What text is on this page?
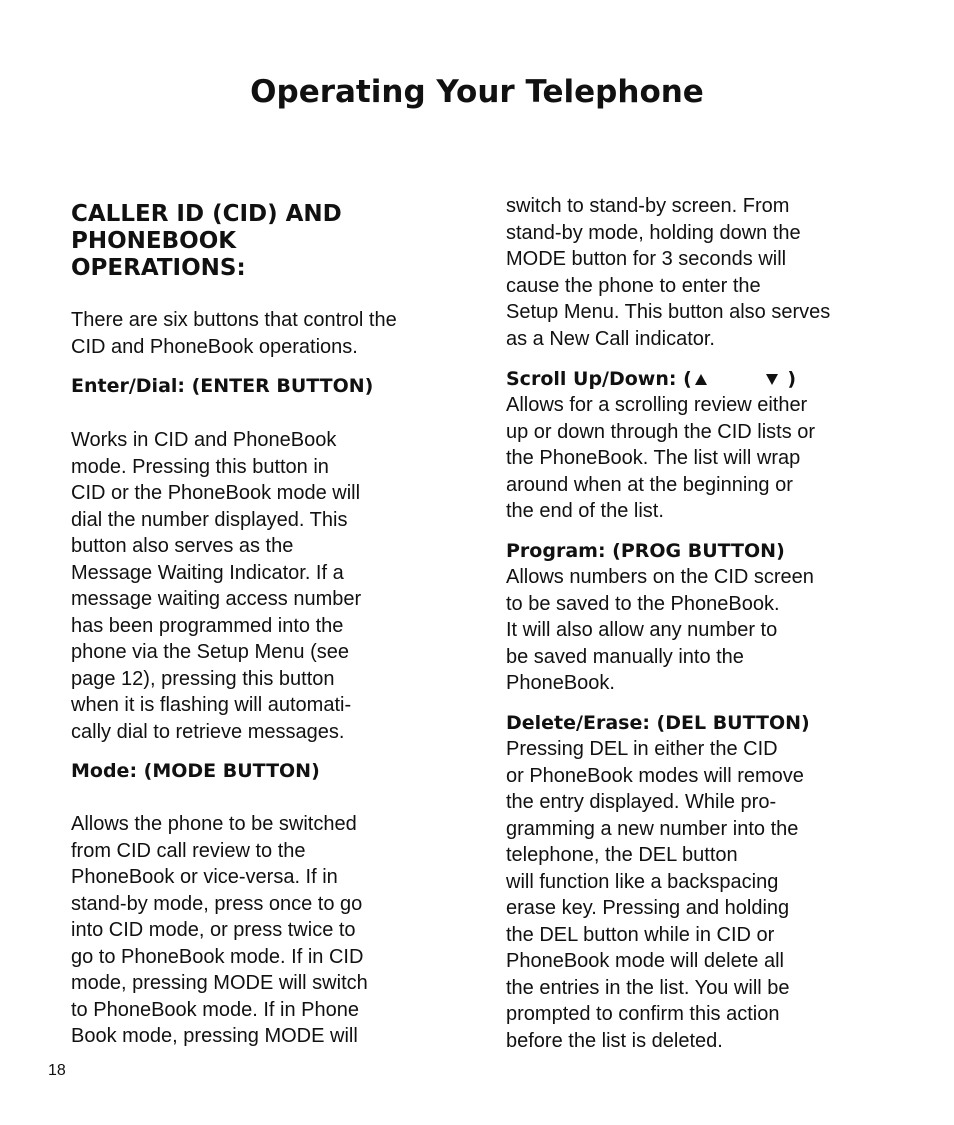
Operating Your Telephone
CALLER ID (CID) AND
PHONEBOOK
OPERATIONS:

There are six buttons that control the
CID and PhoneBook operations.

Enter/Dial: (ENTER BUTTON)

Works in CID and PhoneBook
mode. Pressing this button in
CID or the PhoneBook mode will
dial the number displayed. This
button also serves as the
Message Waiting Indicator. If a
message waiting access number
has been programmed into the
phone via the Setup Menu (see
page 12), pressing this button
when it is flashing will automati-
cally dial to retrieve messages.

Mode: (MODE BUTTON)

Allows the phone to be switched
from CID call review to the
PhoneBook or vice-versa. If in
stand-by mode, press once to go
into CID mode, or press twice to
go to PhoneBook mode. If in CID
mode, pressing MODE will switch
to PhoneBook mode. If in Phone
Book mode, pressing MODE will

switch to stand-by screen. From
stand-by mode, holding down the
MODE button for 3 seconds will
cause the phone to enter the
Setup Menu. This button also serves
as a New Call indicator.

Scroll Up/Down: (	)

Allows for a scrolling review either
up or down through the CID lists or
the PhoneBook. The list will wrap
around when at the beginning or
the end of the list.

Program: (PROG BUTTON)

Allows numbers on the CID screen
to be saved to the PhoneBook.
It will also allow any number to
be saved manually into the
PhoneBook.

Delete/Erase: (DEL BUTTON)

Pressing DEL in either the CID
or PhoneBook modes will remove
the entry displayed. While pro-
gramming a new number into the
telephone, the DEL button
will function like a backspacing
erase key. Pressing and holding
the DEL button while in CID or
PhoneBook mode will delete all
the entries in the list. You will be
prompted to confirm this action
before the list is deleted.

18
